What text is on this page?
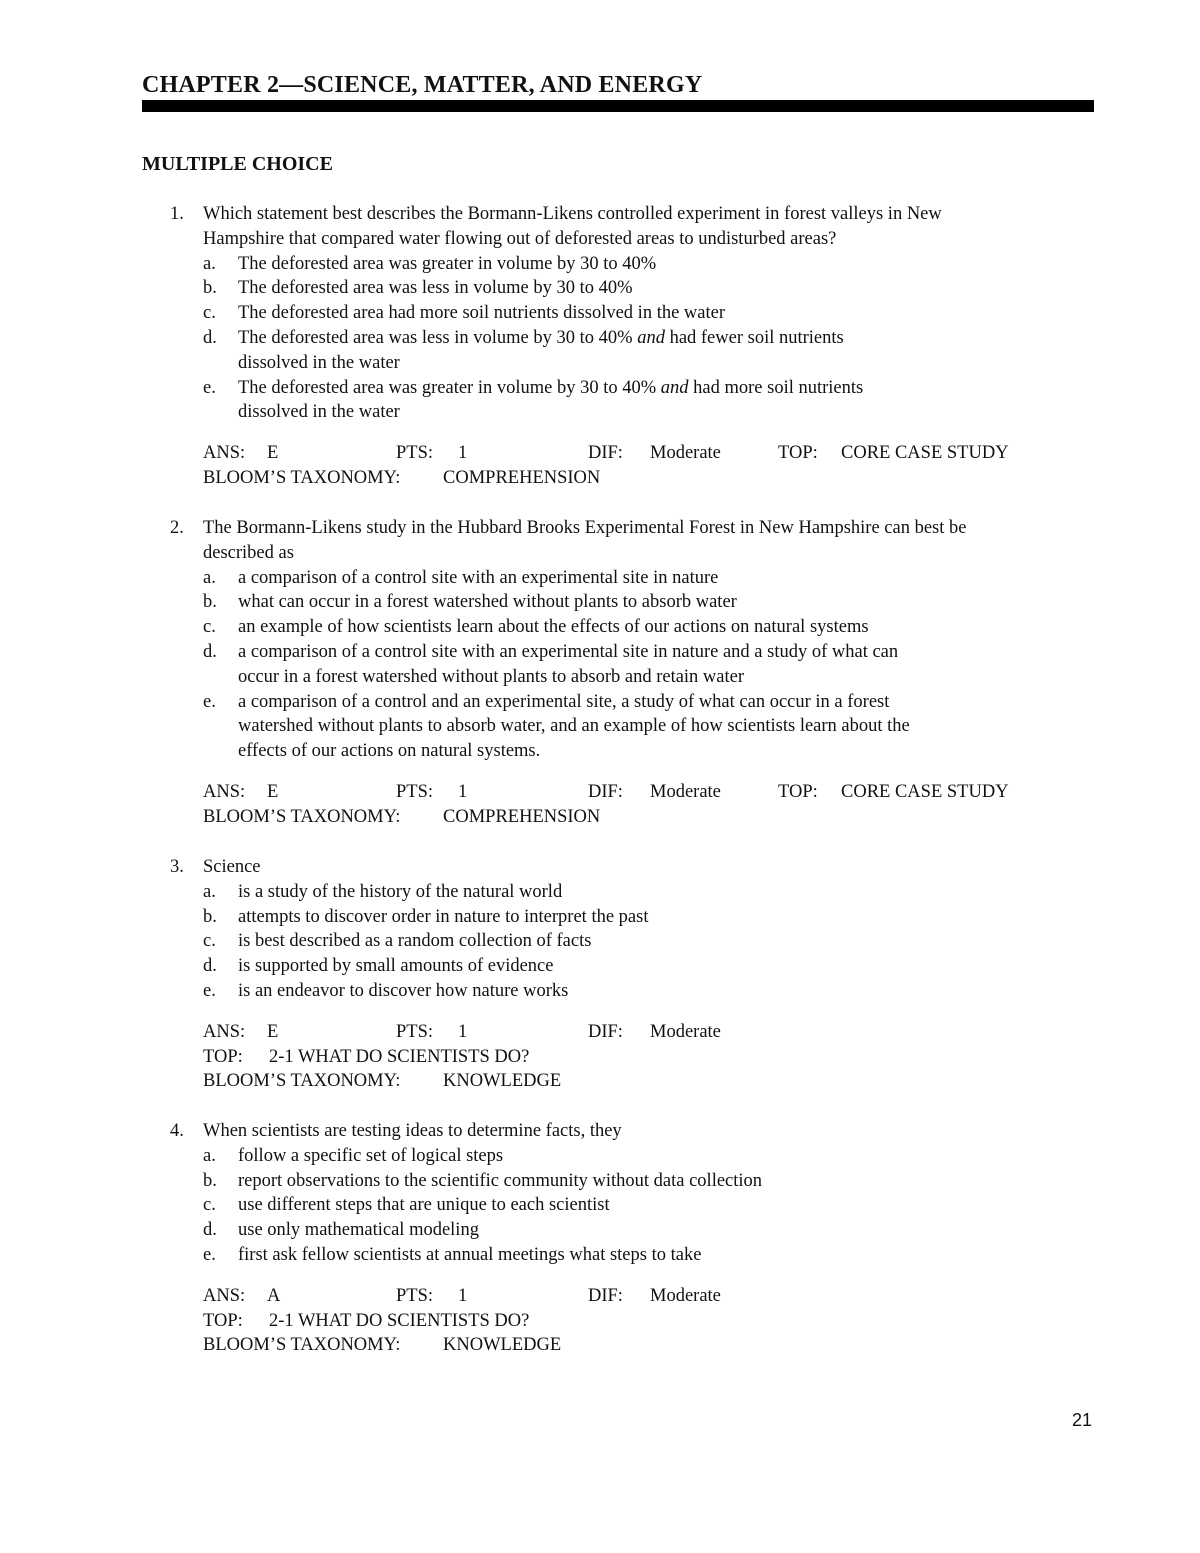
CHAPTER 2—SCIENCE, MATTER, AND ENERGY
MULTIPLE CHOICE
1. Which statement best describes the Bormann-Likens controlled experiment in forest valleys in New
Hampshire that compared water flowing out of deforested areas to undisturbed areas?
a. The deforested area was greater in volume by 30 to 40%
b. The deforested area was less in volume by 30 to 40%
c. The deforested area had more soil nutrients dissolved in the water
d. The deforested area was less in volume by 30 to 40% and had fewer soil nutrients
dissolved in the water
e. The deforested area was greater in volume by 30 to 40% and had more soil nutrients
dissolved in the water
ANS: E	PTS: 1	DIF: Moderate	TOP: CORE CASE STUDY
BLOOM’S TAXONOMY: COMPREHENSION
2. The Bormann-Likens study in the Hubbard Brooks Experimental Forest in New Hampshire can best be
described as
a. a comparison of a control site with an experimental site in nature
b. what can occur in a forest watershed without plants to absorb water
c. an example of how scientists learn about the effects of our actions on natural systems
d. a comparison of a control site with an experimental site in nature and a study of what can
occur in a forest watershed without plants to absorb and retain water
e. a comparison of a control and an experimental site, a study of what can occur in a forest
watershed without plants to absorb water, and an example of how scientists learn about the
effects of our actions on natural systems.
ANS: E	PTS: 1	DIF: Moderate	TOP: CORE CASE STUDY
BLOOM’S TAXONOMY: COMPREHENSION
3. Science
a. is a study of the history of the natural world
b. attempts to discover order in nature to interpret the past
c. is best described as a random collection of facts
d. is supported by small amounts of evidence
e. is an endeavor to discover how nature works
ANS: E	PTS: 1	DIF: Moderate
TOP: 2-1 WHAT DO SCIENTISTS DO?
BLOOM’S TAXONOMY: KNOWLEDGE
4. When scientists are testing ideas to determine facts, they
a. follow a specific set of logical steps
b. report observations to the scientific community without data collection
c. use different steps that are unique to each scientist
d. use only mathematical modeling
e. first ask fellow scientists at annual meetings what steps to take
ANS: A	PTS: 1	DIF: Moderate
TOP: 2-1 WHAT DO SCIENTISTS DO?
BLOOM’S TAXONOMY: KNOWLEDGE
21
